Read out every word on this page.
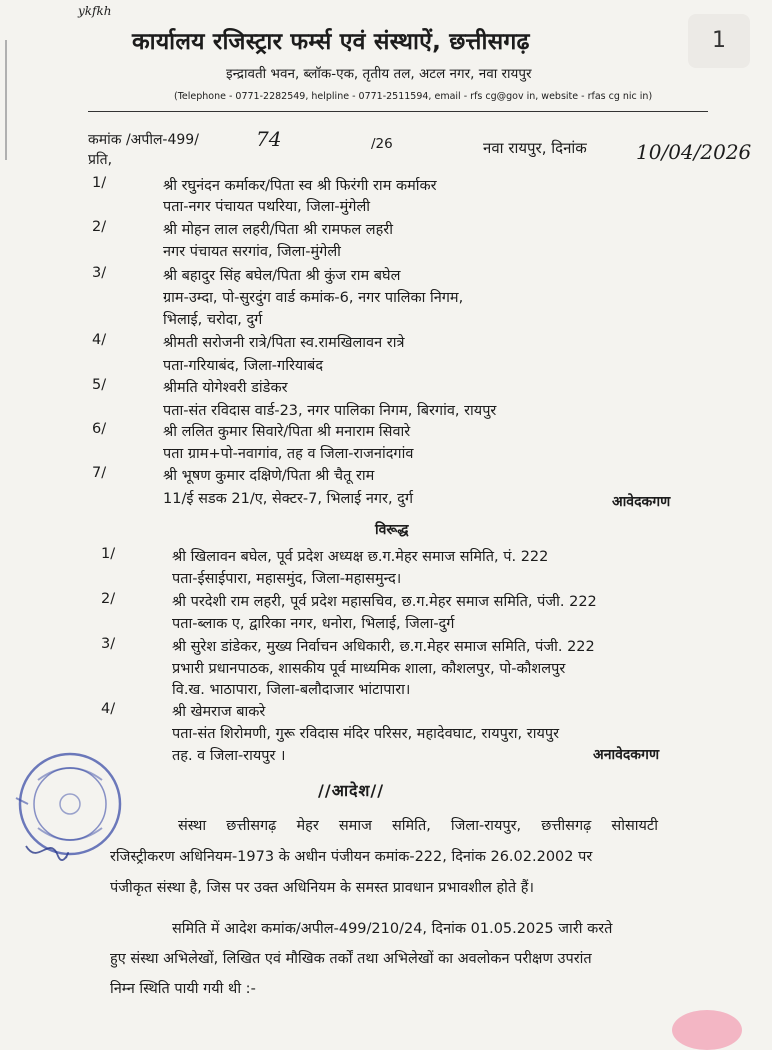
ykfkh
1
कार्यालय रजिस्ट्रार फर्म्स एवं संस्थाऐं, छत्तीसगढ़
इन्द्रावती भवन, ब्लॉक-एक, तृतीय तल, अटल नगर, नवा रायपुर
(Telephone - 0771-2282549, helpline - 0771-2511594, email - rfs cg@gov in, website - rfas cg nic in)
कमांक /अपील-499/	74	/26	नवा रायपुर, दिनांक 10/04/2026
प्रति,
1/	श्री रघुनंदन कर्माकर/पिता स्व श्री फिरंगी राम कर्माकर
पता-नगर पंचायत पथरिया, जिला-मुंगेली
2/	श्री मोहन लाल लहरी/पिता श्री रामफल लहरी
नगर पंचायत सरगांव, जिला-मुंगेली
3/	श्री बहादुर सिंह बघेल/पिता श्री कुंज राम बघेल
ग्राम-उम्दा, पो-सुरदुंग वार्ड कमांक-6, नगर पालिका निगम,
भिलाई, चरोदा, दुर्ग
4/	श्रीमती सरोजनी रात्रे/पिता स्व.रामखिलावन रात्रे
पता-गरियाबंद, जिला-गरियाबंद
5/	श्रीमति योगेश्वरी डांडेकर
पता-संत रविदास वार्ड-23, नगर पालिका निगम, बिरगांव, रायपुर
6/	श्री ललित कुमार सिवारे/पिता श्री मनाराम सिवारे
पता ग्राम+पो-नवागांव, तह व जिला-राजनांदगांव
7/	श्री भूषण कुमार दक्षिणे/पिता श्री चैतू राम
11/ई सडक 21/ए, सेक्टर-7, भिलाई नगर, दुर्ग	आवेदकगण
विरूद्ध
1/	श्री खिलावन बघेल, पूर्व प्रदेश अध्यक्ष छ.ग.मेहर समाज समिति, पं. 222
पता-ईसाईपारा, महासमुंद, जिला-महासमुन्द।
2/	श्री परदेशी राम लहरी, पूर्व प्रदेश महासचिव, छ.ग.मेहर समाज समिति, पंजी. 222
पता-ब्लाक ए, द्वारिका नगर, धनोरा, भिलाई, जिला-दुर्ग
3/	श्री सुरेश डांडेकर, मुख्य निर्वाचन अधिकारी, छ.ग.मेहर समाज समिति, पंजी. 222
प्रभारी प्रधानपाठक, शासकीय पूर्व माध्यमिक शाला, कौशलपुर, पो-कौशलपुर
वि.ख. भाठापारा, जिला-बलौदाजार भांटापारा।
4/	श्री खेमराज बाकरे
पता-संत शिरोमणी, गुरू रविदास मंदिर परिसर, महादेवघाट, रायपुरा, रायपुर
तह. व जिला-रायपुर ।	अनावेदकगण
//आदेश//
संस्था छत्तीसगढ़ मेहर समाज समिति, जिला-रायपुर, छत्तीसगढ़ सोसायटी
रजिस्ट्रीकरण अधिनियम-1973 के अधीन पंजीयन कमांक-222, दिनांक 26.02.2002 पर
पंजीकृत संस्था है, जिस पर उक्त अधिनियम के समस्त प्रावधान प्रभावशील होते हैं।
समिति में आदेश कमांक/अपील-499/210/24, दिनांक 01.05.2025 जारी करते
हुए संस्था अभिलेखों, लिखित एवं मौखिक तर्कों तथा अभिलेखों का अवलोकन परीक्षण उपरांत
निम्न स्थिति पायी गयी थी :-
